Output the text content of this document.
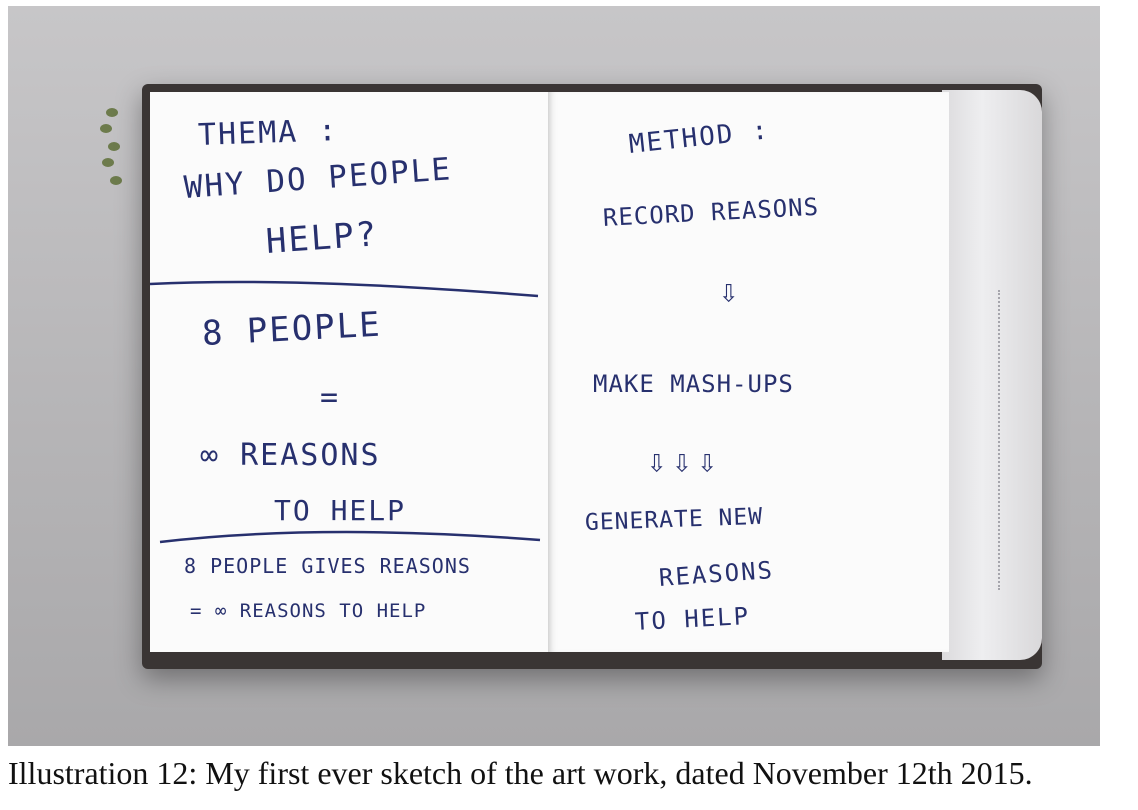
THEMA :
WHY DO PEOPLE
HELP?
8 PEOPLE
=
∞ REASONS
TO HELP
8 PEOPLE GIVES REASONS
= ∞ REASONS TO HELP
METHOD :
RECORD REASONS
⇩
MAKE MASH-UPS
⇩⇩⇩
GENERATE NEW
REASONS
TO HELP
Illustration 12: My first ever sketch of the art work, dated November 12th 2015.
